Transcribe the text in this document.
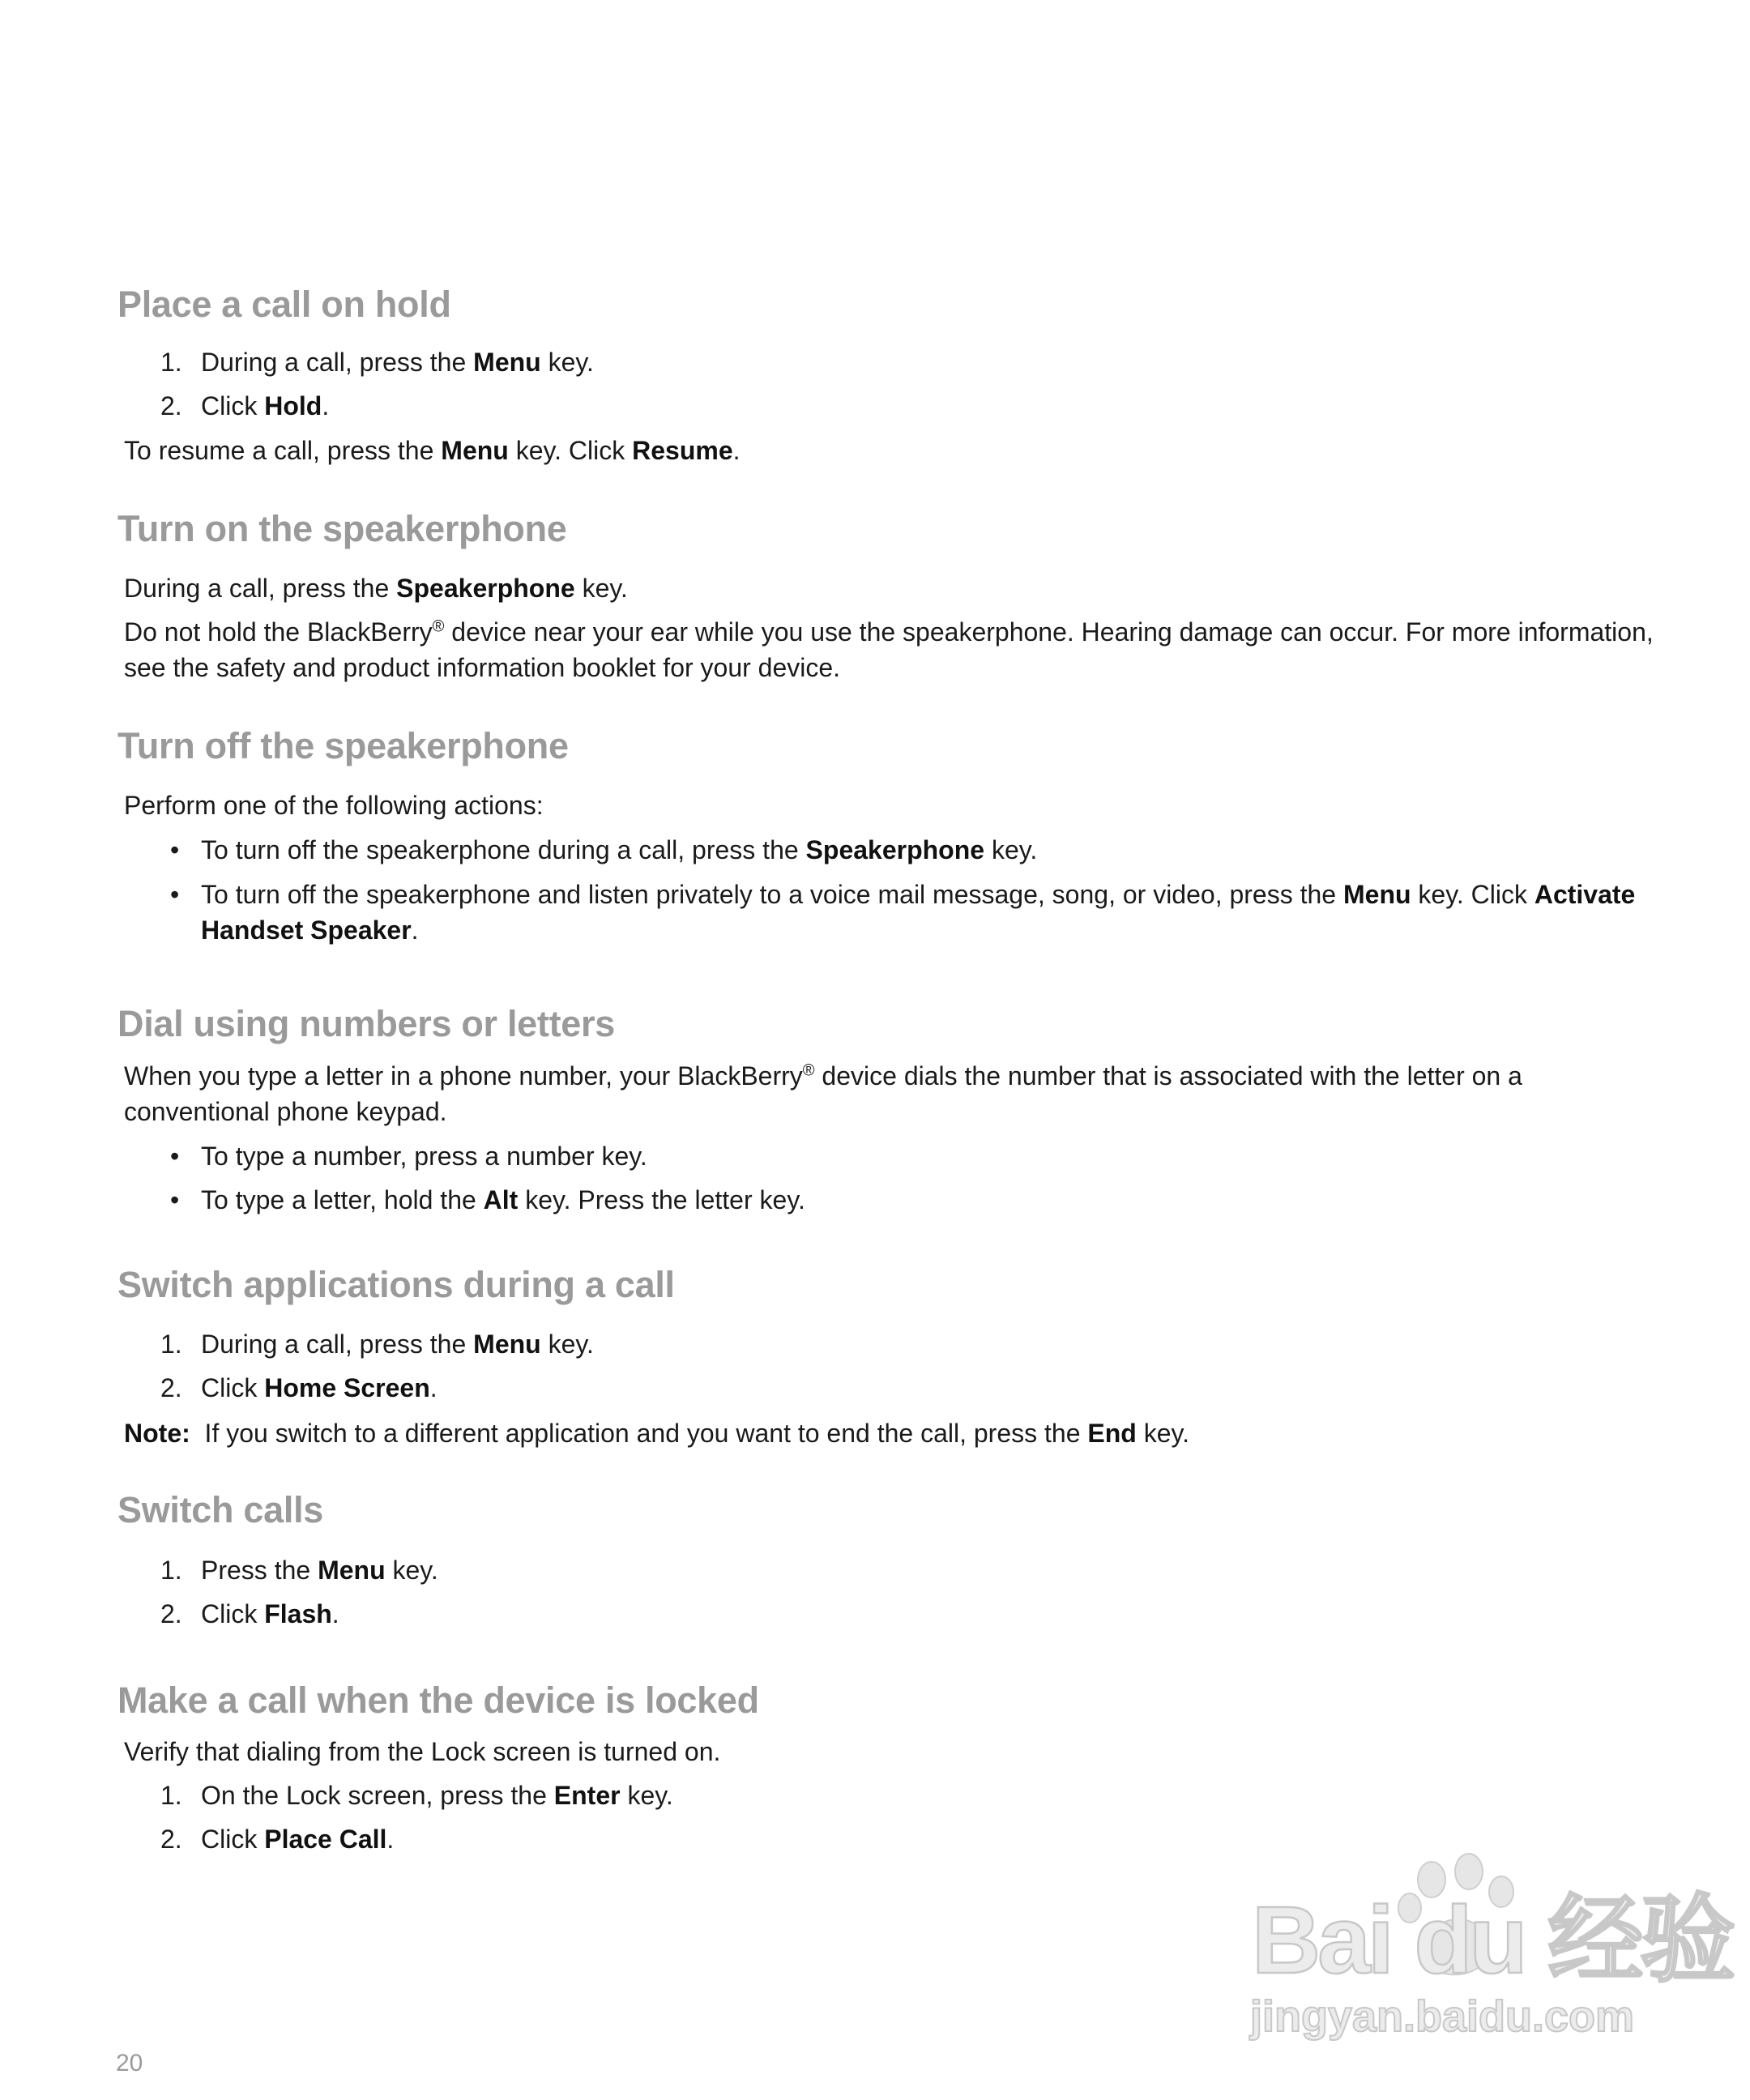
Place a call on hold

1. During a call, press the Menu key.

2. Click Hold.

To resume a call, press the Menu key. Click Resume.

Turn on the speakerphone

During a call, press the Speakerphone key.

Do not hold the BlackBerry® device near your ear while you use the speakerphone. Hearing damage can occur. For more information, see the safety and product information booklet for your device.

Turn off the speakerphone

Perform one of the following actions:

• To turn off the speakerphone during a call, press the Speakerphone key.

• To turn off the speakerphone and listen privately to a voice mail message, song, or video, press the Menu key. Click Activate Handset Speaker.

Dial using numbers or letters

When you type a letter in a phone number, your BlackBerry® device dials the number that is associated with the letter on a conventional phone keypad.

• To type a number, press a number key.

• To type a letter, hold the Alt key. Press the letter key.

Switch applications during a call

1. During a call, press the Menu key.

2. Click Home Screen.

Note:  If you switch to a different application and you want to end the call, press the End key.

Switch calls

1. Press the Menu key.

2. Click Flash.

Make a call when the device is locked

Verify that dialing from the Lock screen is turned on.

1. On the Lock screen, press the Enter key.

2. Click Place Call.

Bai du 经验
jingyan.baidu.com
20
